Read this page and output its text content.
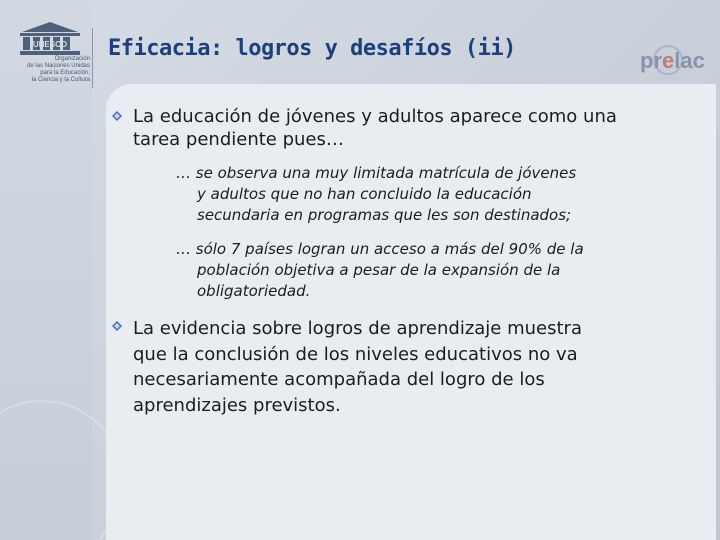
UNESCO
Organización
de las Naciones Unidas
para la Educación,
la Ciencia y la Cultura
Eficacia: logros y desafíos (ii)	prelac
La educación de jóvenes y adultos aparece como una
tarea pendiente pues…
… se observa una muy limitada matrícula de jóvenes
y adultos que no han concluido la educación
secundaria en programas que les son destinados;
… sólo 7 países logran un acceso a más del 90% de la
población objetiva a pesar de la expansión de la
obligatoriedad.
La evidencia sobre logros de aprendizaje muestra
que la conclusión de los niveles educativos no va
necesariamente acompañada del logro de los
aprendizajes previstos.
